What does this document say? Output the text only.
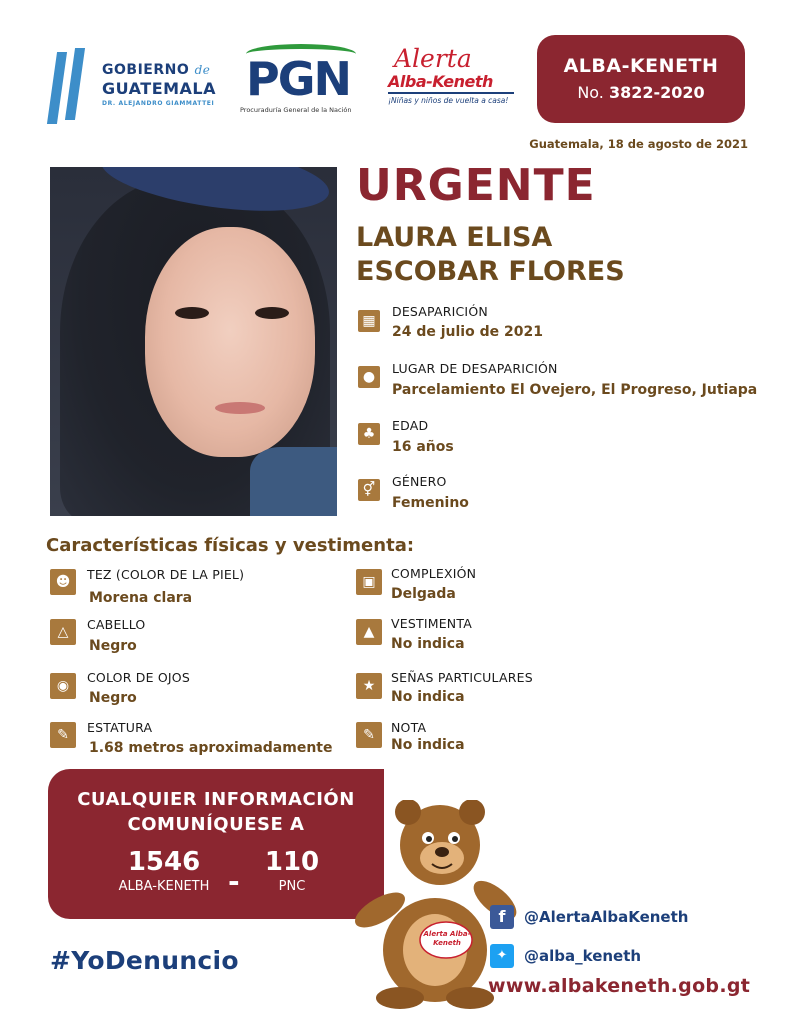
GOBIERNO de
GUATEMALA
DR. ALEJANDRO GIAMMATTEI PGN
Procuraduría General de la Nación
Alerta
Alba-Keneth
¡Niñas y niños de vuelta a casa!
ALBA-KENETH
No. 3822-2020
Guatemala, 18 de agosto de 2021
URGENTE
LAURA ELISA
ESCOBAR FLORES
▦
DESAPARICIÓN
24 de julio de 2021
●
LUGAR DE DESAPARICIÓN
Parcelamiento El Ovejero, El Progreso, Jutiapa
♣
EDAD
16 años
⚥
GÉNERO
Femenino
Características físicas y vestimenta:
☻	TEZ (COLOR DE LA PIEL)
Morena clara
△	CABELLO
Negro
◉
COLOR DE OJOS
Negro
✎	ESTATURA
1.68 metros aproximadamente
▣
COMPLEXIÓN
Delgada
▲
VESTIMENTA
No indica
★
SEÑAS PARTICULARES
No indica
✎	NOTA
No indica
CUALQUIER INFORMACIÓN
COMUNÍQUESE A
1546
ALBA-KENETH -
110
PNC
#YoDenuncio
Alerta Alba-Keneth
f	@AlertaAlbaKeneth
✦	@alba_keneth
www.albakeneth.gob.gt
